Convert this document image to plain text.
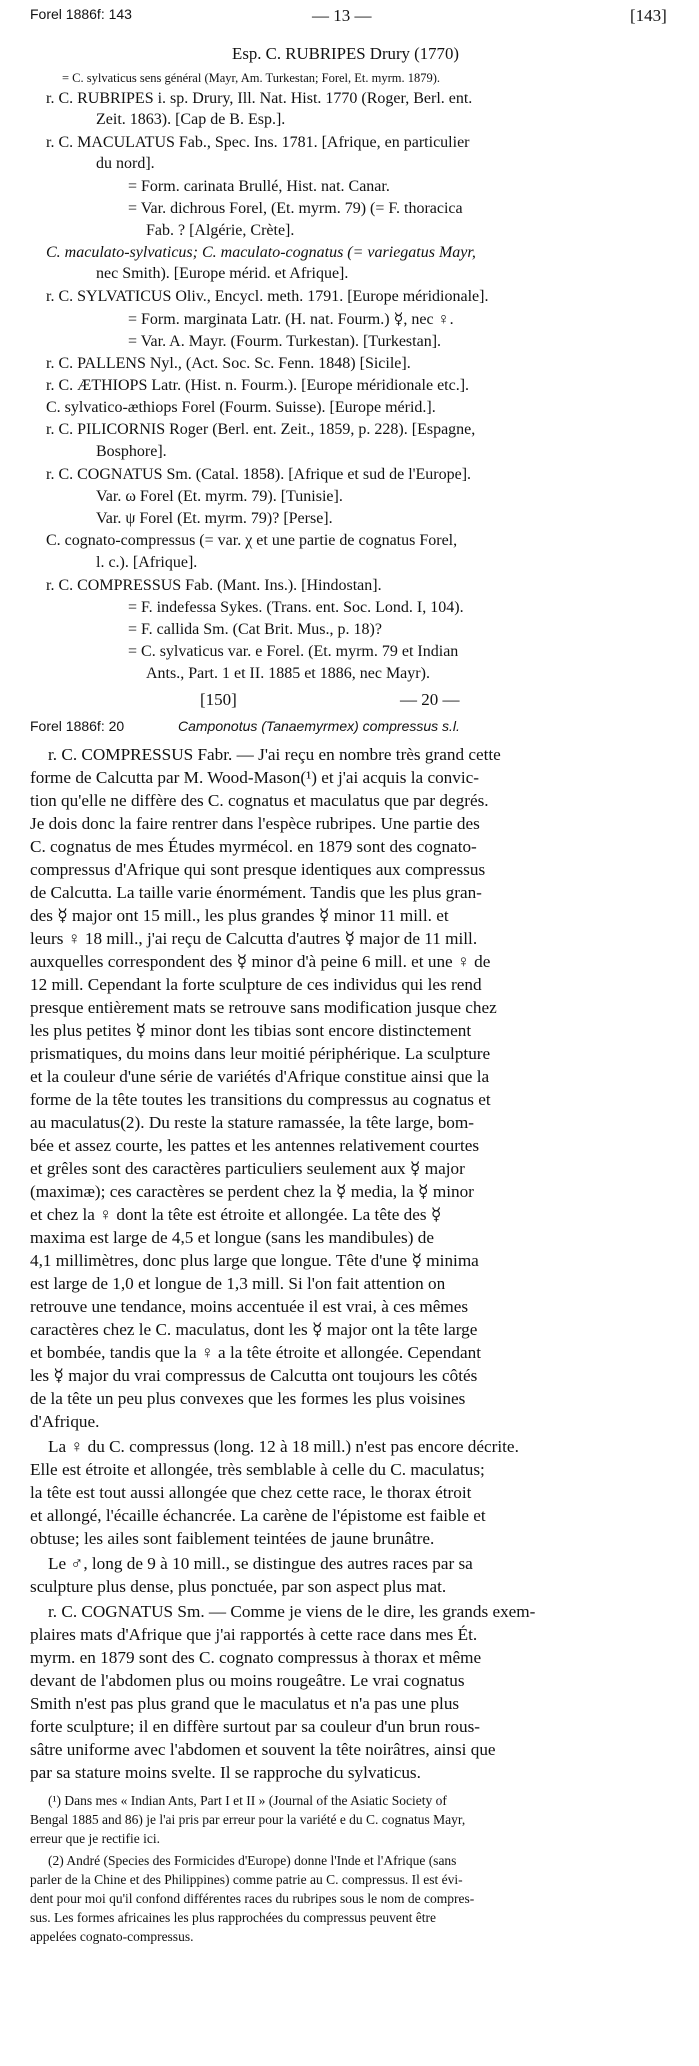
Forel 1886f: 143	— 13 —	[143]
Esp. C. RUBRIPES Drury (1770)
= C. sylvaticus sens général (Mayr, Am. Turkestan; Forel, Et. myrm. 1879).
r. C. RUBRIPES i. sp. Drury, Ill. Nat. Hist. 1770 (Roger, Berl. ent.
Zeit. 1863). [Cap de B. Esp.].
r. C. MACULATUS Fab., Spec. Ins. 1781. [Afrique, en particulier
du nord].
= Form. carinata Brullé, Hist. nat. Canar.
= Var. dichrous Forel, (Et. myrm. 79) (= F. thoracica
Fab. ? [Algérie, Crète].
C. maculato-sylvaticus; C. maculato-cognatus (= variegatus Mayr,
nec Smith). [Europe mérid. et Afrique].
r. C. SYLVATICUS Oliv., Encycl. meth. 1791. [Europe méridionale].
= Form. marginata Latr. (H. nat. Fourm.) ☿, nec ♀.
= Var. A. Mayr. (Fourm. Turkestan). [Turkestan].
r. C. PALLENS Nyl., (Act. Soc. Sc. Fenn. 1848) [Sicile].
r. C. ÆTHIOPS Latr. (Hist. n. Fourm.). [Europe méridionale etc.].
C. sylvatico-æthiops Forel (Fourm. Suisse). [Europe mérid.].
r. C. PILICORNIS Roger (Berl. ent. Zeit., 1859, p. 228). [Espagne,
Bosphore].
r. C. COGNATUS Sm. (Catal. 1858). [Afrique et sud de l'Europe].
Var. ω Forel (Et. myrm. 79). [Tunisie].
Var. ψ Forel (Et. myrm. 79)? [Perse].
C. cognato-compressus (= var. χ et une partie de cognatus Forel,
l. c.). [Afrique].
r. C. COMPRESSUS Fab. (Mant. Ins.). [Hindostan].
= F. indefessa Sykes. (Trans. ent. Soc. Lond. I, 104).
= F. callida Sm. (Cat Brit. Mus., p. 18)?
= C. sylvaticus var. e Forel. (Et. myrm. 79 et Indian
Ants., Part. 1 et II. 1885 et 1886, nec Mayr).
[150]	— 20 —
Forel 1886f: 20	Camponotus (Tanaemyrmex) compressus s.l.
r. C. COMPRESSUS Fabr. — J'ai reçu en nombre très grand cette
forme de Calcutta par M. Wood-Mason(¹) et j'ai acquis la convic-
tion qu'elle ne diffère des C. cognatus et maculatus que par degrés.
Je dois donc la faire rentrer dans l'espèce rubripes. Une partie des
C. cognatus de mes Études myrmécol. en 1879 sont des cognato-
compressus d'Afrique qui sont presque identiques aux compressus
de Calcutta. La taille varie énormément. Tandis que les plus gran-
des ☿ major ont 15 mill., les plus grandes ☿ minor 11 mill. et
leurs ♀ 18 mill., j'ai reçu de Calcutta d'autres ☿ major de 11 mill.
auxquelles correspondent des ☿ minor d'à peine 6 mill. et une ♀ de
12 mill. Cependant la forte sculpture de ces individus qui les rend
presque entièrement mats se retrouve sans modification jusque chez
les plus petites ☿ minor dont les tibias sont encore distinctement
prismatiques, du moins dans leur moitié périphérique. La sculpture
et la couleur d'une série de variétés d'Afrique constitue ainsi que la
forme de la tête toutes les transitions du compressus au cognatus et
au maculatus(2). Du reste la stature ramassée, la tête large, bom-
bée et assez courte, les pattes et les antennes relativement courtes
et grêles sont des caractères particuliers seulement aux ☿ major
(maximæ); ces caractères se perdent chez la ☿ media, la ☿ minor
et chez la ♀ dont la tête est étroite et allongée. La tête des ☿
maxima est large de 4,5 et longue (sans les mandibules) de
4,1 millimètres, donc plus large que longue. Tête d'une ☿ minima
est large de 1,0 et longue de 1,3 mill. Si l'on fait attention on
retrouve une tendance, moins accentuée il est vrai, à ces mêmes
caractères chez le C. maculatus, dont les ☿ major ont la tête large
et bombée, tandis que la ♀ a la tête étroite et allongée. Cependant
les ☿ major du vrai compressus de Calcutta ont toujours les côtés
de la tête un peu plus convexes que les formes les plus voisines
d'Afrique.
La ♀ du C. compressus (long. 12 à 18 mill.) n'est pas encore décrite.
Elle est étroite et allongée, très semblable à celle du C. maculatus;
la tête est tout aussi allongée que chez cette race, le thorax étroit
et allongé, l'écaille échancrée. La carène de l'épistome est faible et
obtuse; les ailes sont faiblement teintées de jaune brunâtre.
Le ♂, long de 9 à 10 mill., se distingue des autres races par sa
sculpture plus dense, plus ponctuée, par son aspect plus mat.
r. C. COGNATUS Sm. — Comme je viens de le dire, les grands exem-
plaires mats d'Afrique que j'ai rapportés à cette race dans mes Ét.
myrm. en 1879 sont des C. cognato compressus à thorax et même
devant de l'abdomen plus ou moins rougeâtre. Le vrai cognatus
Smith n'est pas plus grand que le maculatus et n'a pas une plus
forte sculpture; il en diffère surtout par sa couleur d'un brun rous-
sâtre uniforme avec l'abdomen et souvent la tête noirâtres, ainsi que
par sa stature moins svelte. Il se rapproche du sylvaticus.
(¹) Dans mes « Indian Ants, Part I et II » (Journal of the Asiatic Society of
Bengal 1885 and 86) je l'ai pris par erreur pour la variété e du C. cognatus Mayr,
erreur que je rectifie ici.
(2) André (Species des Formicides d'Europe) donne l'Inde et l'Afrique (sans
parler de la Chine et des Philippines) comme patrie au C. compressus. Il est évi-
dent pour moi qu'il confond différentes races du rubripes sous le nom de compres-
sus. Les formes africaines les plus rapprochées du compressus peuvent être
appelées cognato-compressus.
